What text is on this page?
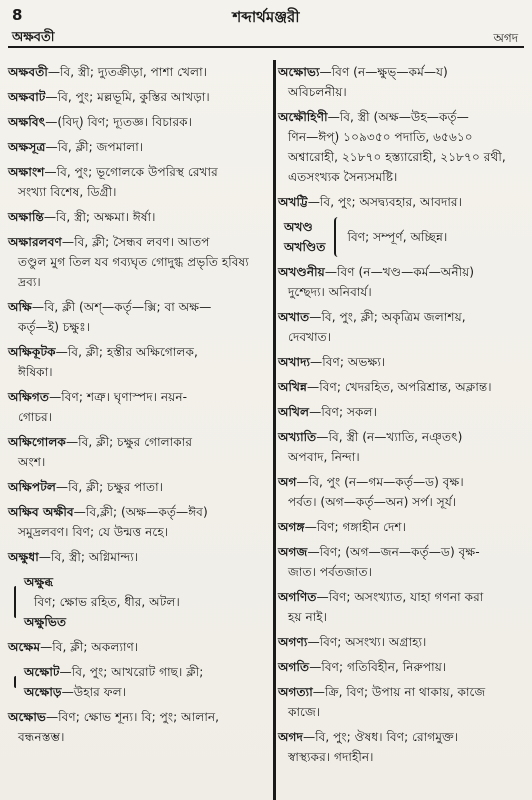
8	শব্দার্থমঞ্জরী
অক্ষবতী	অগদ
অক্ষবতী—বি, স্ত্রী; দ্যুতক্রীড়া, পাশা খেলা।
অক্ষবাট—বি, পুং; মল্লভূমি, কুস্তির আখড়া।
অক্ষবিৎ—(বিদ্) বিণ; দ্যূতজ্ঞ। বিচারক।
অক্ষসূত্র—বি, ক্লী; জপমালা।
অক্ষাংশ—বি, পুং; ভূগোলকে উপরিস্থ রেখার
সংখ্যা বিশেষ, ডিগ্রী।
অক্ষান্তি—বি, স্ত্রী; অক্ষমা। ঈর্ষা।
অক্ষারলবণ—বি, ক্লী; সৈন্ধব লবণ। আতপ
তণ্ডুল মুগ তিল যব গব্যঘৃত গোদুগ্ধ প্রভৃতি হবিষ্য দ্রব্য।
অক্ষি—বি, ক্লী (অশ্—কর্তৃ—ক্সি; বা অক্ষ—
কর্তৃ—ই) চক্ষুঃ।
অক্ষিকূটক—বি, ক্লী; হস্তীর অক্ষিগোলক,
ঈষিকা।
অক্ষিগত—বিণ; শত্রু। ঘৃণাস্পদ। নয়ন-
গোচর।
অক্ষিগোলক—বি, ক্লী; চক্ষুর গোলাকার
অংশ।
অক্ষিপটল—বি, ক্লী; চক্ষুর পাতা।
অক্ষিব অক্ষীব—বি,ক্লী; (অক্ষ—কর্তৃ—ঈব)
সমুদ্রলবণ। বিণ; যে উন্মত্ত নহে।
অক্ষুধা—বি, স্ত্রী; অগ্নিমান্দ্য।
অক্ষুব্ধ
বিণ; ক্ষোভ রহিত, ধীর, অটল।
অক্ষুভিত
অক্ষেম—বি, ক্লী; অকল্যাণ।
অক্ষোট—বি, পুং; আখরোট গাছ। ক্লী;
অক্ষোড়—উহার ফল।
অক্ষোভ—বিণ; ক্ষোভ শূন্য। বি; পুং; আলান,
বন্ধনস্তম্ভ।
অক্ষোভ্য—বিণ (ন—ক্ষুভ্—কর্ম—য)
অবিচলনীয়।
অক্ষৌহিণী—বি, স্ত্রী (অক্ষ—উহ—কর্তৃ—
ণিন—ঈপ্) ১০৯৩৫০ পদাতি, ৬৫৬১০ অশ্বারোহী, ২১৮৭০ হস্ত্যারোহী, ২১৮৭০ রথী, এতসংখ্যক সৈন্যসমষ্টি।
অখট্টি—বি, পুং; অসদ্ব্যবহার, আবদার।
অখণ্ড
অখণ্ডিত
বিণ; সম্পূর্ণ, অচ্ছিন্ন।
অখণ্ডনীয়—বিণ (ন—খণ্ড—কর্ম—অনীয়)
দুশ্ছেদ্য। অনিবার্য।
অখাত—বি, পুং, ক্লী; অকৃত্রিম জলাশয়,
দেবখাত।
অখাদ্য—বিণ; অভক্ষ্য।
অখিন্ন—বিণ; খেদরহিত, অপরিশ্রান্ত, অক্লান্ত।
অখিল—বিণ; সকল।
অখ্যাতি—বি, স্ত্রী (ন—খ্যাতি, নঞ্তৎ)
অপবাদ, নিন্দা।
অগ—বি, পুং (ন—গম—কর্তৃ—ড) বৃক্ষ।
পর্বত। (অগ—কর্তৃ—অন) সর্প। সূর্য।
অগঙ্গ—বিণ; গঙ্গাহীন দেশ।
অগজ—বিণ; (অগ—জন—কর্তৃ—ড) বৃক্ষ-
জাত। পর্বতজাত।
অগণিত—বিণ; অসংখ্যাত, যাহা গণনা করা
হয় নাই।
অগণ্য—বিণ; অসংখ্য। অগ্রাহ্য।
অগতি—বিণ; গতিবিহীন, নিরুপায়।
অগত্যা—ক্রি, বিণ; উপায় না থাকায়, কাজে
কাজে।
অগদ—বি, পুং; ঔষধ। বিণ; রোগমুক্ত।
স্বাস্থ্যকর। গদাহীন।
